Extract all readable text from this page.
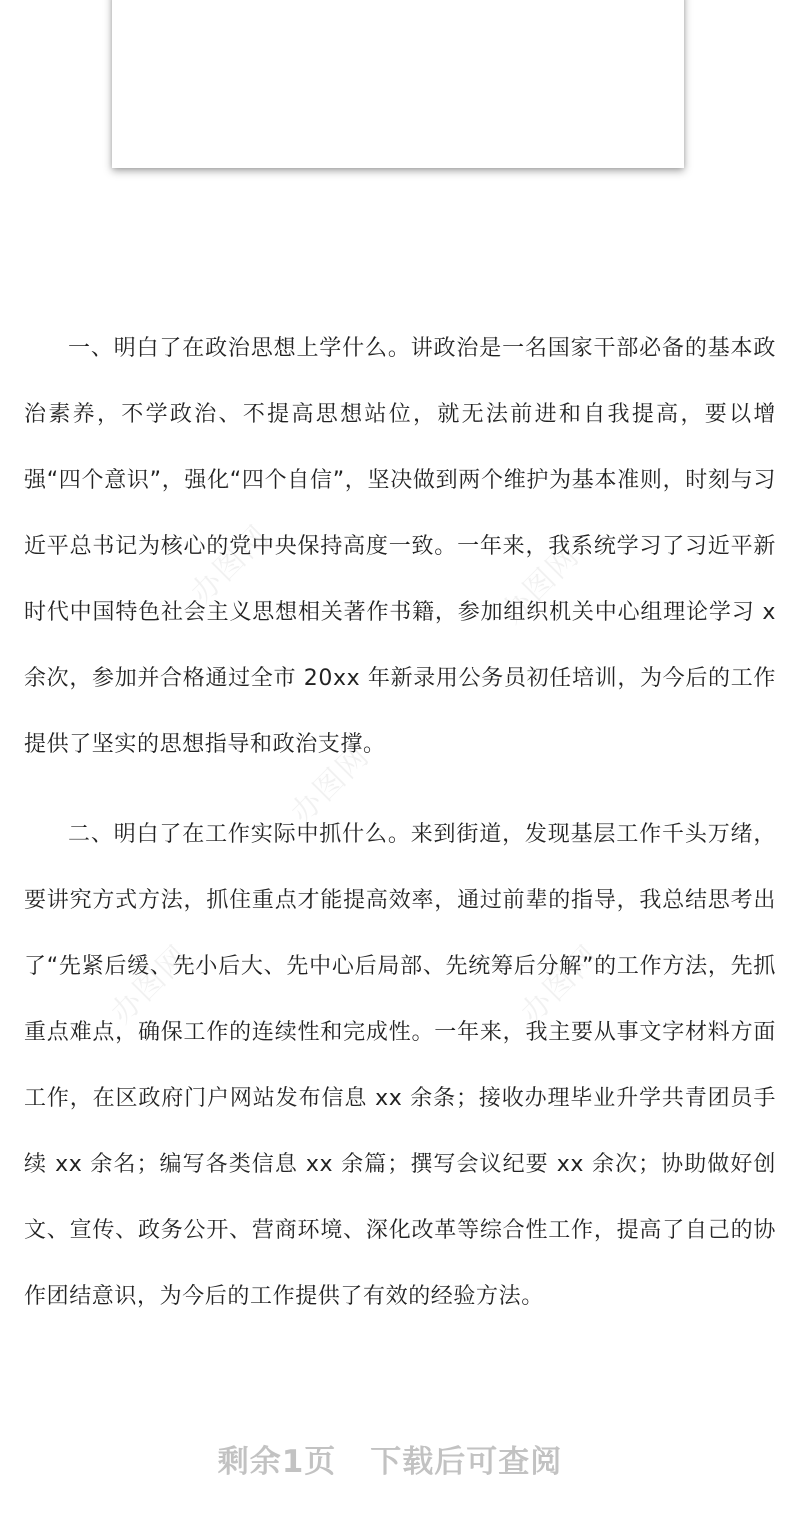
办图网	办图网
办图网
办图网	办图网

一、明白了在政治思想上学什么。讲政治是一名国家干部必备的基本政治素养，不学政治、不提高思想站位，就无法前进和自我提高，要以增强“四个意识”，强化“四个自信”，坚决做到两个维护为基本准则，时刻与习近平总书记为核心的党中央保持高度一致。一年来，我系统学习了习近平新时代中国特色社会主义思想相关著作书籍，参加组织机关中心组理论学习 x 余次，参加并合格通过全市 20xx 年新录用公务员初任培训，为今后的工作提供了坚实的思想指导和政治支撑。

二、明白了在工作实际中抓什么。来到街道，发现基层工作千头万绪，要讲究方式方法，抓住重点才能提高效率，通过前辈的指导，我总结思考出了“先紧后缓、先小后大、先中心后局部、先统筹后分解”的工作方法，先抓重点难点，确保工作的连续性和完成性。一年来，我主要从事文字材料方面工作，在区政府门户网站发布信息 xx 余条；接收办理毕业升学共青团员手续 xx 余名；编写各类信息 xx 余篇；撰写会议纪要 xx 余次；协助做好创文、宣传、政务公开、营商环境、深化改革等综合性工作，提高了自己的协作团结意识，为今后的工作提供了有效的经验方法。

剩余1页 下载后可查阅
